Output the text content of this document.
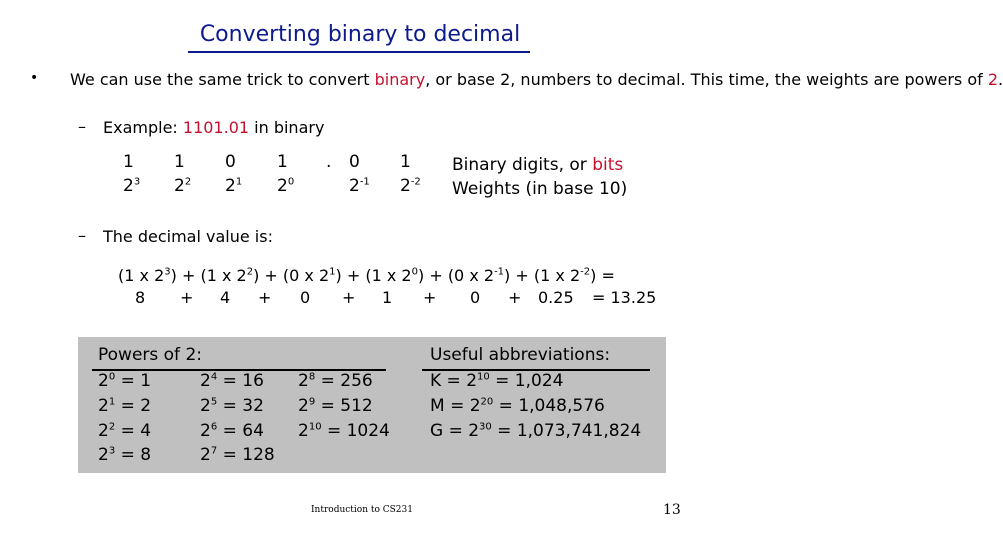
Converting binary to decimal
• We can use the same trick to convert binary, or base 2, numbers to decimal. This time, the weights are powers of 2.
– Example: 1101.01 in binary
1
$2^3$
1
$2^2$
0
$2^1$
1
$2^0$
. 0
$2^{-1}$
1
$2^{-2}$
Binary digits, or bits
Weights (in base 10)
– The decimal value is:
(1 x $2^3) + (1$ x $2^2) + (0$ x $2^1) + (1$ x $2^0) + (0$ x $2^{-1}) + (1$ x $2^{-2}$) =
8 + 4 + 0 + 1 + 0 + 0.25 = 13.25
Powers of 2:	Useful abbreviations:
$2^0 = 1$
$2^1 = 2$
$2^2 = 4$
$2^3 = 8$
$2^4 = 16$
$2^5 = 32$
$2^6 = 64$
$2^7 = 128$
$2^8 = 256$
$2^9 = 512$
$2^{10} = 1024$
$K = 2^{10} = 1,024$
$M = 2^{20} = 1,048,576$
$G = 2^{30} = 1,073,741,824$
Introduction to CS231	13
